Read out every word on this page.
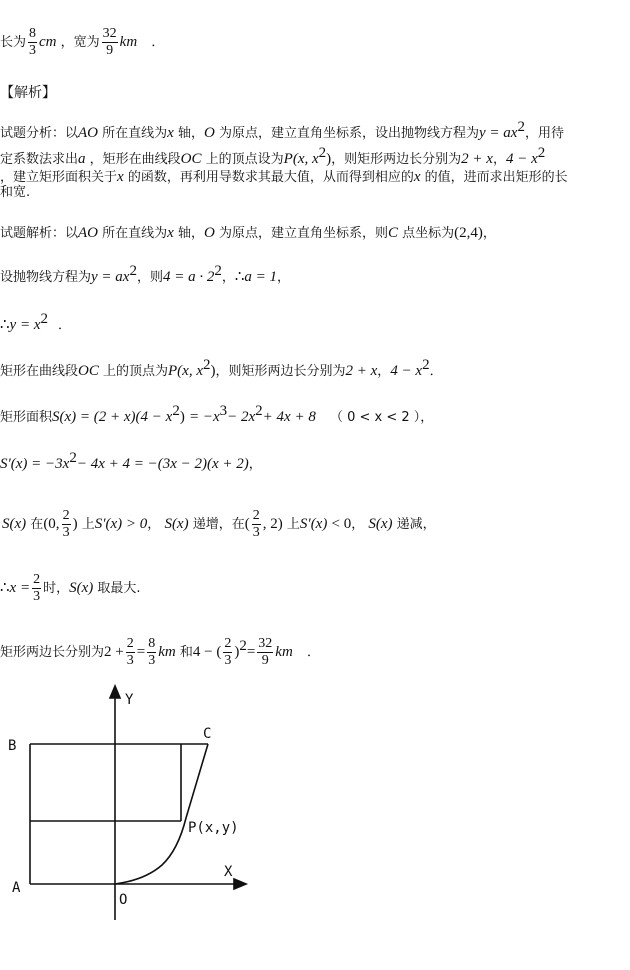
长为 $\frac{8}{3}$ cm ，宽为 $\frac{32}{9}$ km ．
【解析】
试题分析：以AO 所在直线为x 轴，O 为原点，建立直角坐标系，设出抛物线方程为$y = ax^2$，用待
定系数法求出a ，矩形在曲线段OC 上的顶点设为P(x, $x^2$)，则矩形两边长分别为2 + x，$4 - x^2$
，建立矩形面积关于x 的函数，再利用导数求其最大值，从而得到相应的x 的值，进而求出矩形的长
和宽.
试题解析：以AO 所在直线为x 轴，O 为原点，建立直角坐标系，则C 点坐标为(2,4)，
设抛物线方程为$y = ax^2$，则$4 = a \cdot 2^2$，∴a = 1，
∴y = $x^2$ ．
矩形在曲线段OC 上的顶点为P(x, $x^2$)，则矩形两边长分别为2 + x，$4 - x^2$．
矩形面积$S(x) = (2 + x)(4 - x^2) = -x^3- 2x^2+ 4x + 8$ （ 0 < x < 2 ），
$S'(x) = -3x^2- 4x + 4 = -(3x - 2)(x + 2)$，
S(x) 在(0, $\frac{2}{3}$ ) 上S′(x) > 0， S(x) 递增，在( $\frac{2}{3}$ , 2) 上S′(x) < 0， S(x) 递减，
∴x = $\frac{2}{3}$ 时，S(x) 取最大.
矩形两边长分别为$2 + \frac{2}{3} = \frac{8}{3}$ km 和4 − ( $\frac{2}{3} )^2= \frac{32}{9}$ km ．
Y
X
B
A
C
O
P(x,y)
